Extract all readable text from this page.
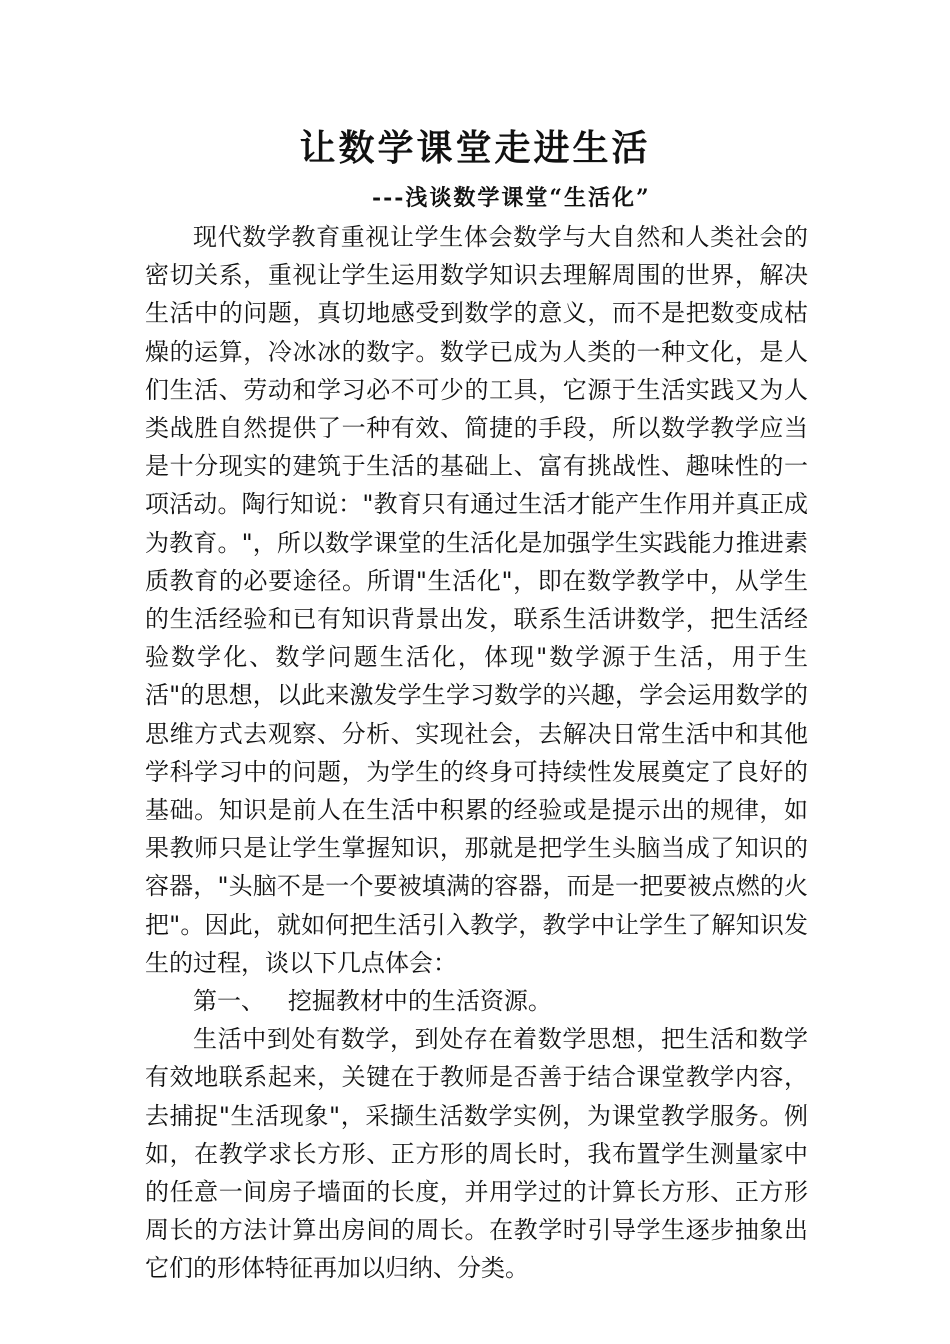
让数学课堂走进生活
---浅谈数学课堂“生活化”

现代数学教育重视让学生体会数学与大自然和人类社会的密切关系，重视让学生运用数学知识去理解周围的世界，解决生活中的问题，真切地感受到数学的意义，而不是把数变成枯燥的运算，冷冰冰的数字。数学已成为人类的一种文化，是人们生活、劳动和学习必不可少的工具，它源于生活实践又为人类战胜自然提供了一种有效、简捷的手段，所以数学教学应当是十分现实的建筑于生活的基础上、富有挑战性、趣味性的一项活动。陶行知说："教育只有通过生活才能产生作用并真正成为教育。"，所以数学课堂的生活化是加强学生实践能力推进素质教育的必要途径。所谓"生活化"，即在数学教学中，从学生的生活经验和已有知识背景出发，联系生活讲数学，把生活经验数学化、数学问题生活化，体现"数学源于生活，用于生活"的思想，以此来激发学生学习数学的兴趣，学会运用数学的思维方式去观察、分析、实现社会，去解决日常生活中和其他学科学习中的问题，为学生的终身可持续性发展奠定了良好的基础。知识是前人在生活中积累的经验或是提示出的规律，如果教师只是让学生掌握知识，那就是把学生头脑当成了知识的容器，"头脑不是一个要被填满的容器，而是一把要被点燃的火把"。因此，就如何把生活引入教学，教学中让学生了解知识发生的过程，谈以下几点体会：

第一、   挖掘教材中的生活资源。

生活中到处有数学，到处存在着数学思想，把生活和数学有效地联系起来，关键在于教师是否善于结合课堂教学内容，去捕捉"生活现象"，采撷生活数学实例，为课堂教学服务。例如，在教学求长方形、正方形的周长时，我布置学生测量家中的任意一间房子墙面的长度，并用学过的计算长方形、正方形周长的方法计算出房间的周长。在教学时引导学生逐步抽象出它们的形体特征再加以归纳、分类。
